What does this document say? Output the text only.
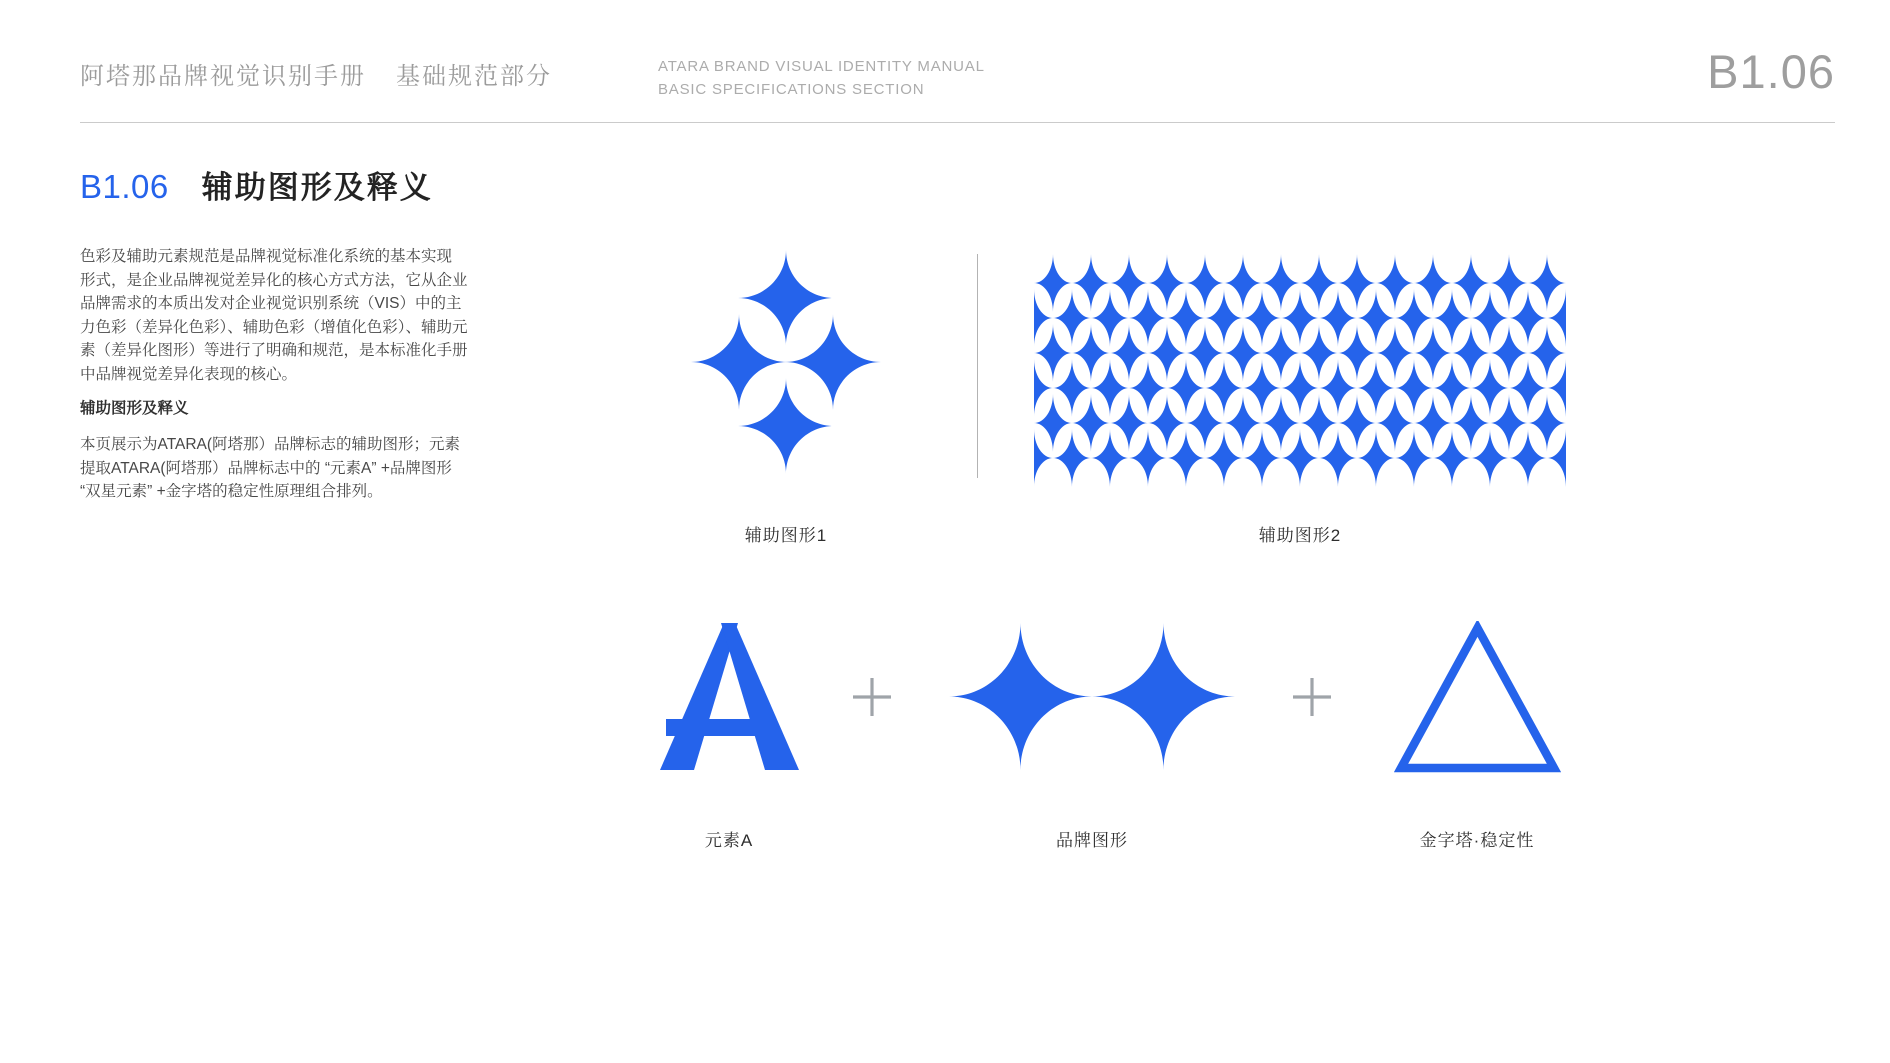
阿塔那品牌视觉识别手册 基础规范部分	ATARA BRAND VISUAL IDENTITY MANUAL
BASIC SPECIFICATIONS SECTION	B1.06
B1.06 辅助图形及释义
色彩及辅助元素规范是品牌视觉标准化系统的基本实现
形式，是企业品牌视觉差异化的核心方式方法，它从企业
品牌需求的本质出发对企业视觉识别系统（VIS）中的主
力色彩（差异化色彩）、辅助色彩（增值化色彩）、辅助元
素（差异化图形）等进行了明确和规范，是本标准化手册
中品牌视觉差异化表现的核心。
辅助图形及释义
本页展示为ATARA(阿塔那）品牌标志的辅助图形；元素
提取ATARA(阿塔那）品牌标志中的 “元素A” +品牌图形
“双星元素” +金字塔的稳定性原理组合排列。
辅助图形1	辅助图形2
元素A	品牌图形	金字塔·稳定性
